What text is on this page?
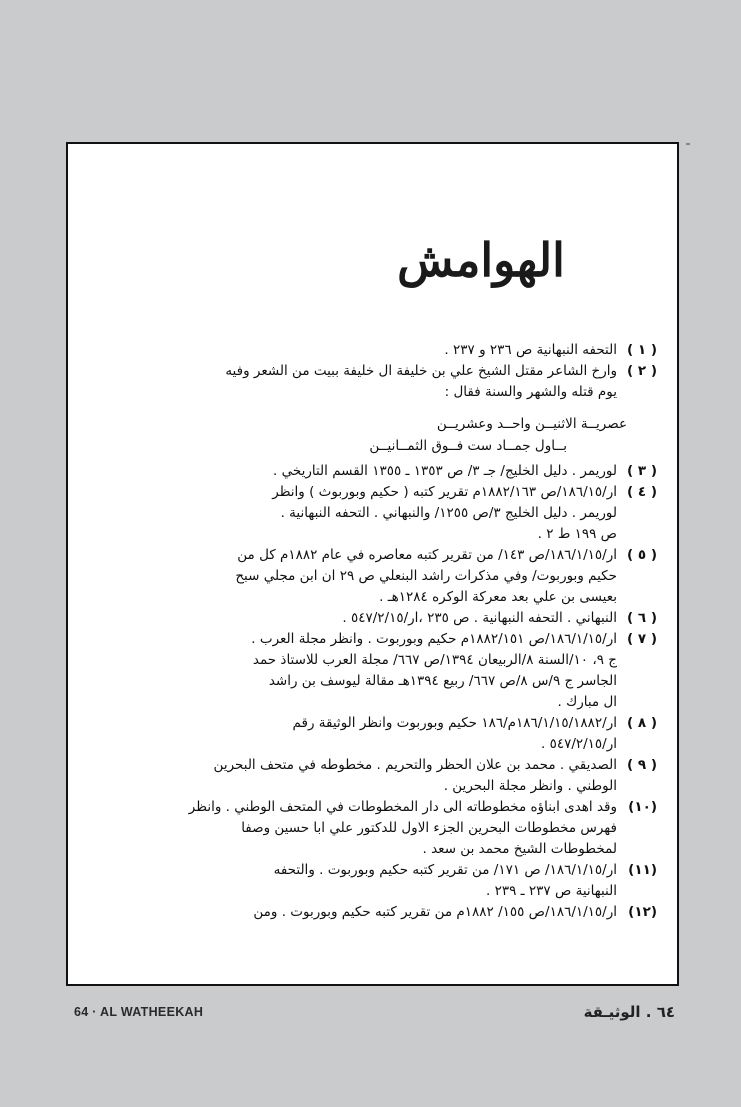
الهوامش
( ١ )
التحفه النبهانية ص ٢٣٦ و ٢٣٧ .
( ٢ )
وارخ الشاعر مقتل الشيخ علي بن خليفة ال خليفة ببيت من الشعر وفيه
يوم قتله والشهر والسنة فقال :
عصريــة الاثنيــن واحــد وعشريــن
بــاول جمــاد ست فــوق الثمــانيــن
( ٣ )
لوريمر . دليل الخليج/ جـ ٣/ ص ١٣٥٣ ـ ١٣٥٥ القسم التاريخي .
( ٤ )
ار/١٨٦/١٥/ص ١٨٨٢/١٦٣م تقرير كتبه ( حكيم وبوربوث ) وانظر
لوريمر . دليل الخليج ٣/ص ١٢٥٥/ والنبهاني . التحفه النبهانية .
ص ١٩٩ ط ٢ .
( ٥ )
ار/١٨٦/١/١٥/ص ١٤٣/ من تقرير كتبه معاصره في عام ١٨٨٢م كل من
حكيم وبوربوت/ وفي مذكرات راشد البنعلي ص ٢٩ ان ابن مجلي سبح
بعيسى بن علي بعد معركة الوكره ١٢٨٤هـ .
( ٦ )
النبهاني . التحفه النبهانية . ص ٢٣٥ ،ار/٥٤٧/٢/١٥ .
( ٧ )
ار/١٨٦/١/١٥/ص ١٨٨٢/١٥١م حكيم وبوربوت . وانظر مجلة العرب .
ج ٩، ١٠/السنة ٨/الربيعان ١٣٩٤/ص ٦٦٧/ مجلة العرب للاستاذ حمد
الجاسر ج ٩/س ٨/ص ٦٦٧/ ربيع ١٣٩٤هـ مقالة ليوسف بن راشد
ال مبارك .
( ٨ )
ار/١٨٦/١/١٥/١٨٨٢م/١٨٦ حكيم وبوربوت وانظر الوثيقة رقم
ار/٥٤٧/٢/١٥ .
( ٩ )
الصديقي . محمد بن علان الحظر والتحريم . مخطوطه في متحف البحرين
الوطني . وانظر مجلة البحرين .
(١٠)
وقد اهدى ابناؤه مخطوطاته الى دار المخطوطات في المتحف الوطني . وانظر
فهرس مخطوطات البحرين الجزء الاول للدكتور علي ابا حسين وصفا
لمخطوطات الشيخ محمد بن سعد .
(١١)
ار/١٨٦/١/١٥/ ص ١٧١/ من تقرير كتبه حكيم وبوربوت . والتحفه
النبهانية ص ٢٣٧ ـ ٢٣٩ .
(١٢)
ار/١٨٦/١/١٥/ص ١٥٥/ ١٨٨٢م من تقرير كتبه حكيم وبوربوت . ومن
64 · AL WATHEEKAH	٦٤ . الوثيـقة
